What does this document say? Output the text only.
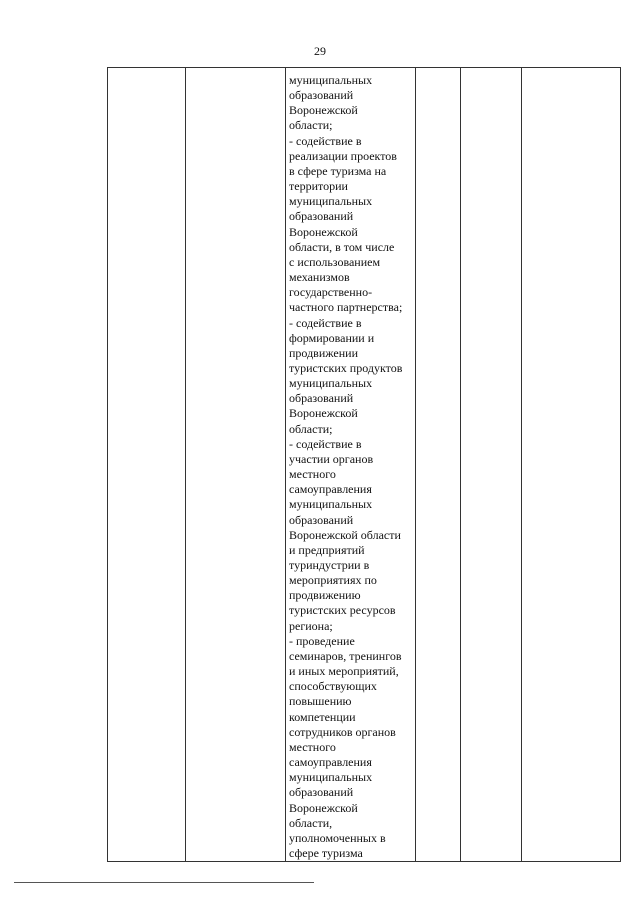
29

муниципальных
образований
Воронежской
области;
- содействие в
реализации проектов
в сфере туризма на
территории
муниципальных
образований
Воронежской
области, в том числе
с использованием
механизмов
государственно-
частного партнерства;
- содействие в
формировании и
продвижении
туристских продуктов
муниципальных
образований
Воронежской
области;
- содействие в
участии органов
местного
самоуправления
муниципальных
образований
Воронежской области
и предприятий
туриндустрии в
мероприятиях по
продвижению
туристских ресурсов
региона;
- проведение
семинаров, тренингов
и иных мероприятий,
способствующих
повышению
компетенции
сотрудников органов
местного
самоуправления
муниципальных
образований
Воронежской
области,
уполномоченных в
сфере туризма
